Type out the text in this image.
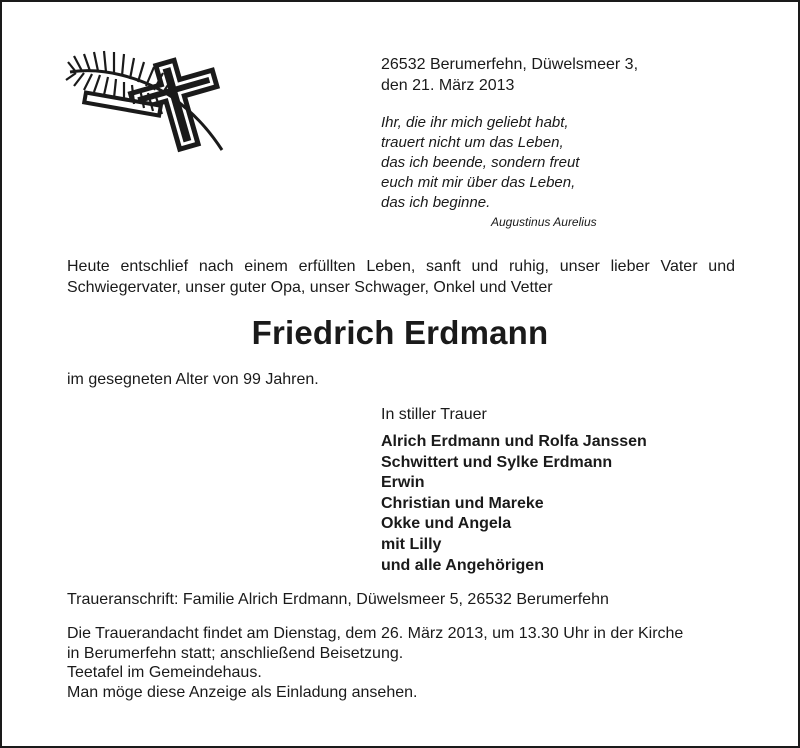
26532 Berumerfehn, Düwelsmeer 3,
den 21. März 2013
Ihr, die ihr mich geliebt habt,
trauert nicht um das Leben,
das ich beende, sondern freut
euch mit mir über das Leben,
das ich beginne.
Augustinus Aurelius
Heute entschlief nach einem erfüllten Leben, sanft und ruhig, unser lieber Vater und Schwiegervater, unser guter Opa, unser Schwager, Onkel und Vetter
Friedrich Erdmann
im gesegneten Alter von 99 Jahren.
In stiller Trauer
Alrich Erdmann und Rolfa Janssen
Schwittert und Sylke Erdmann
Erwin
Christian und Mareke
Okke und Angela
mit Lilly
und alle Angehörigen
Traueranschrift: Familie Alrich Erdmann, Düwelsmeer 5, 26532 Berumerfehn
Die Trauerandacht findet am Dienstag, dem 26. März 2013, um 13.30 Uhr in der Kirche
in Berumerfehn statt; anschließend Beisetzung.
Teetafel im Gemeindehaus.
Man möge diese Anzeige als Einladung ansehen.
